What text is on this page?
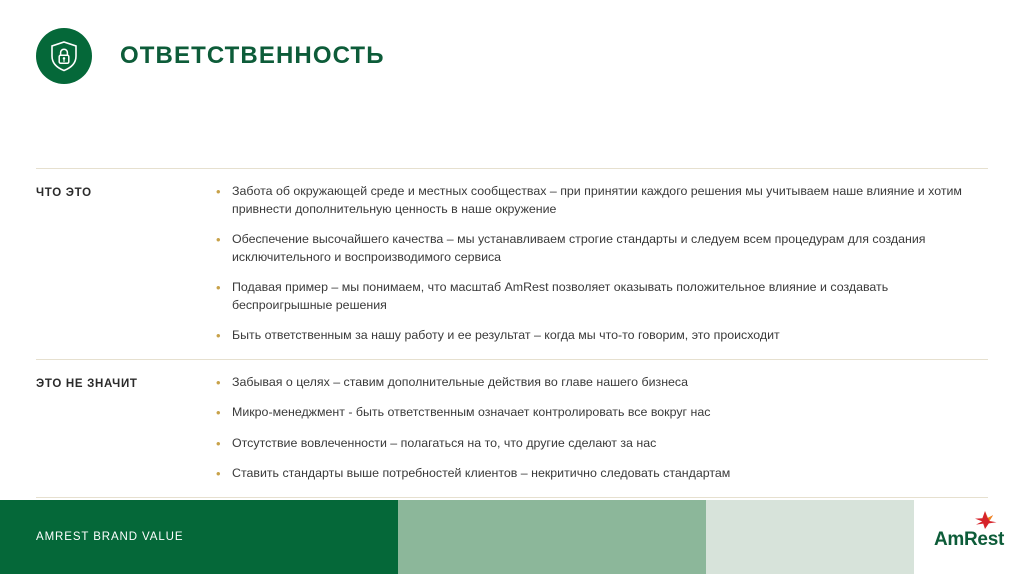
ОТВЕТСТВЕННОСТЬ
ЧТО ЭТО	• Забота об окружающей среде и местных сообществах – при принятии каждого решения мы учитываем наше влияние и хотим привнести дополнительную ценность в наше окружение
• Обеспечение высочайшего качества – мы устанавливаем строгие стандарты и следуем всем процедурам для создания исключительного и воспроизводимого сервиса
• Подавая пример – мы понимаем, что масштаб AmRest позволяет оказывать положительное влияние и создавать беспроигрышные решения
• Быть ответственным за нашу работу и ее результат – когда мы что-то говорим, это происходит
ЭТО НЕ ЗНАЧИТ	• Забывая о целях – ставим дополнительные действия во главе нашего бизнеса
• Микро-менеджмент - быть ответственным означает контролировать все вокруг нас
• Отсутствие вовлеченности – полагаться на то, что другие сделают за нас
• Ставить стандарты выше потребностей клиентов – некритично следовать стандартам
AMREST BRAND VALUE	AmRest
